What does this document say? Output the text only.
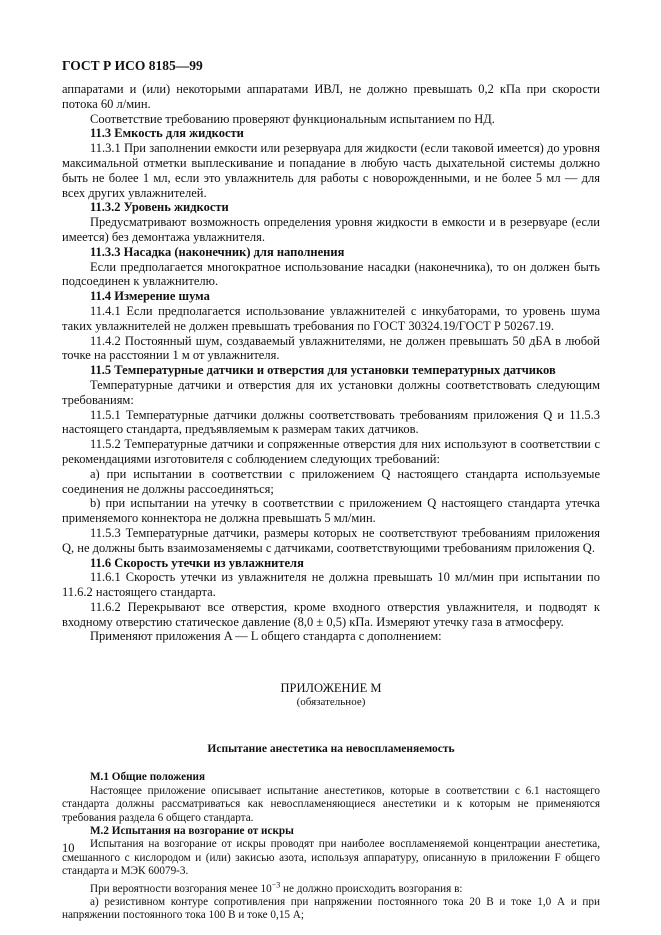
ГОСТ Р ИСО 8185—99

аппаратами и (или) некоторыми аппаратами ИВЛ, не должно превышать 0,2 кПа при скорости потока 60 л/мин.

Соответствие требованию проверяют функциональным испытанием по НД.

11.3 Емкость для жидкости

11.3.1 При заполнении емкости или резервуара для жидкости (если таковой имеется) до уровня максимальной отметки выплескивание и попадание в любую часть дыхательной системы должно быть не более 1 мл, если это увлажнитель для работы с новорожденными, и не более 5 мл — для всех других увлажнителей.

11.3.2 Уровень жидкости

Предусматривают возможность определения уровня жидкости в емкости и в резервуаре (если имеется) без демонтажа увлажнителя.

11.3.3 Насадка (наконечник) для наполнения

Если предполагается многократное использование насадки (наконечника), то он должен быть подсоединен к увлажнителю.

11.4 Измерение шума

11.4.1 Если предполагается использование увлажнителей с инкубаторами, то уровень шума таких увлажнителей не должен превышать требования по ГОСТ 30324.19/ГОСТ Р 50267.19.

11.4.2 Постоянный шум, создаваемый увлажнителями, не должен превышать 50 дБA в любой точке на расстоянии 1 м от увлажнителя.

11.5 Температурные датчики и отверстия для установки температурных датчиков

Температурные датчики и отверстия для их установки должны соответствовать следующим требованиям:

11.5.1 Температурные датчики должны соответствовать требованиям приложения Q и 11.5.3 настоящего стандарта, предъявляемым к размерам таких датчиков.

11.5.2 Температурные датчики и сопряженные отверстия для них используют в соответствии с рекомендациями изготовителя с соблюдением следующих требований:

a) при испытании в соответствии с приложением Q настоящего стандарта используемые соединения не должны рассоединяться;

b) при испытании на утечку в соответствии с приложением Q настоящего стандарта утечка применяемого коннектора не должна превышать 5 мл/мин.

11.5.3 Температурные датчики, размеры которых не соответствуют требованиям приложения Q, не должны быть взаимозаменяемы с датчиками, соответствующими требованиям приложения Q.

11.6 Скорость утечки из увлажнителя

11.6.1 Скорость утечки из увлажнителя не должна превышать 10 мл/мин при испытании по 11.6.2 настоящего стандарта.

11.6.2 Перекрывают все отверстия, кроме входного отверстия увлажнителя, и подводят к входному отверстию статическое давление (8,0 ± 0,5) кПа. Измеряют утечку газа в атмосферу.

Применяют приложения A — L общего стандарта с дополнением:

ПРИЛОЖЕНИЕ M
(обязательное)
Испытание анестетика на невоспламеняемость

M.1 Общие положения

Настоящее приложение описывает испытание анестетиков, которые в соответствии с 6.1 настоящего стандарта должны рассматриваться как невоспламеняющиеся анестетики и к которым не применяются требования раздела 6 общего стандарта.

M.2 Испытания на возгорание от искры

Испытания на возгорание от искры проводят при наиболее воспламеняемой концентрации анестетика, смешанного с кислородом и (или) закисью азота, используя аппаратуру, описанную в приложении F общего стандарта и МЭК 60079-3.

При вероятности возгорания менее $10^{-3}$ не должно происходить возгорания в:

a) резистивном контуре сопротивления при напряжении постоянного тока 20 В и токе 1,0 А и при напряжении постоянного тока 100 В и токе 0,15 А;

10
